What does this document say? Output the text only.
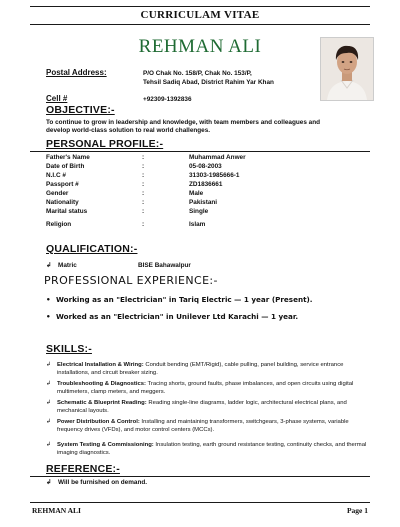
CURRICULAM VITAE
REHMAN ALI
Postal Address:	P/O Chak No. 158/P, Chak No. 153/P,
Tehsil Sadiq Abad, District Rahim Yar Khan
Cell #	+92309-1392836
OBJECTIVE:-
To continue to grow in leadership and knowledge, with team members and colleagues and
develop world-class solution to real world challenges.
PERSONAL PROFILE:-
Father's Name	:	Muhammad Anwer
Date of Birth	:	05-08-2003
N.I.C #	:	31303-1985666-1
Passport #	:	ZD1836661
Gender	:	Male
Nationality	:	Pakistani
Marital status	:	Single
Religion	:	Islam
QUALIFICATION:-
↲ Matric	BISE Bahawalpur
PROFESSIONAL EXPERIENCE:-
• Working as an "Electrician" in Tariq Electric — 1 year (Present).
• Worked as an "Electrician" in Unilever Ltd Karachi — 1 year.
SKILLS:-
↲ Electrical Installation & Wiring: Conduit bending (EMT/Rigid), cable pulling, panel building, service entrance installations, and circuit breaker sizing.
↲ Troubleshooting & Diagnostics: Tracing shorts, ground faults, phase imbalances, and open circuits using digital multimeters, clamp meters, and meggers.
↲ Schematic & Blueprint Reading: Reading single-line diagrams, ladder logic, architectural electrical plans, and mechanical layouts.
↲ Power Distribution & Control: Installing and maintaining transformers, switchgears, 3-phase systems, variable frequency drives (VFDs), and motor control centers (MCCs).
↲ System Testing & Commissioning: Insulation testing, earth ground resistance testing, continuity checks, and thermal imaging diagnostics.
REFERENCE:-
↲ Will be furnished on demand.
REHMAN ALI	Page 1
